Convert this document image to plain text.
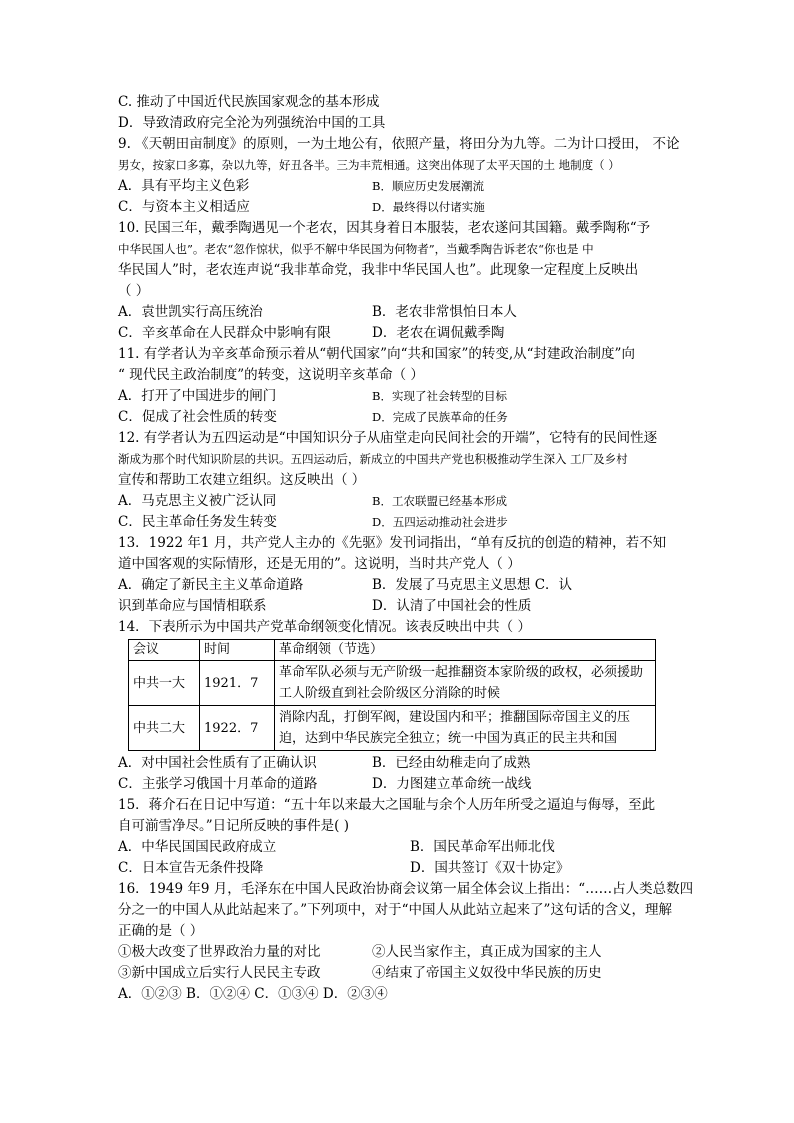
C. 推动了中国近代民族国家观念的基本形成
D．导致清政府完全沦为列强统治中国的工具
9. 《天朝田亩制度》的原则，一为土地公有，依照产量，将田分为九等。二为计口授田， 不论
男女，按家口多寡，杂以九等，好丑各半。三为丰荒相通。这突出体现了太平天国的土 地制度（ ）
A．具有平均主义色彩	B．顺应历史发展潮流
C．与资本主义相适应	D．最终得以付诸实施
10. 民国三年，戴季陶遇见一个老农，因其身着日本服装，老农遂问其国籍。戴季陶称“予
中华民国人也”。老农“忽作惊状，似乎不解中华民国为何物者”，当戴季陶告诉老农“你也是 中
华民国人”时，老农连声说“我非革命党，我非中华民国人也”。此现象一定程度上反映出
（ ）
A．袁世凯实行高压统治	B．老农非常惧怕日本人
C．辛亥革命在人民群众中影响有限	D．老农在调侃戴季陶
11. 有学者认为辛亥革命预示着从“朝代国家”向“共和国家”的转变,从“封建政治制度”向
“ 现代民主政治制度”的转变，这说明辛亥革命（ ）
A．打开了中国进步的闸门	B．实现了社会转型的目标
C．促成了社会性质的转变	D．完成了民族革命的任务
12. 有学者认为五四运动是“中国知识分子从庙堂走向民间社会的开端”，它特有的民间性逐
渐成为那个时代知识阶层的共识。五四运动后，新成立的中国共产党也积极推动学生深入 工厂及乡村
宣传和帮助工农建立组织。这反映出（ ）
A．马克思主义被广泛认同	B．工农联盟已经基本形成
C．民主革命任务发生转变	D．五四运动推动社会进步
13．1922 年1 月，共产党人主办的《先驱》发刊词指出，“单有反抗的创造的精神，若不知
道中国客观的实际情形，还是无用的”。这说明，当时共产党人（ ）
A．确定了新民主主义革命道路	B．发展了马克思主义思想 C．认
识到革命应与国情相联系	D．认清了中国社会的性质
14．下表所示为中国共产党革命纲领变化情况。该表反映出中共（ ）
会议	时间	革命纲领（节选）
中共一大	1921．7	革命军队必须与无产阶级一起推翻资本家阶级的政权，必须援助工人阶级直到社会阶级区分消除的时候
中共二大	1922．7	消除内乱，打倒军阀，建设国内和平；推翻国际帝国主义的压迫，达到中华民族完全独立；统一中国为真正的民主共和国
A．对中国社会性质有了正确认识	B．已经由幼稚走向了成熟
C．主张学习俄国十月革命的道路	D．力图建立革命统一战线
15．蒋介石在日记中写道：“五十年以来最大之国耻与余个人历年所受之逼迫与侮辱，至此
自可湔雪净尽。”日记所反映的事件是( )
A．中华民国国民政府成立	B．国民革命军出师北伐
C．日本宣告无条件投降	D．国共签订《双十协定》
16．1949 年9 月，毛泽东在中国人民政治协商会议第一届全体会议上指出：“……占人类总数四
分之一的中国人从此站起来了。”下列项中，对于“中国人从此站立起来了”这句话的含义，理解
正确的是（ ）
①极大改变了世界政治力量的对比	②人民当家作主，真正成为国家的主人
③新中国成立后实行人民民主专政	④结束了帝国主义奴役中华民族的历史
A．①②③ B．①②④ C．①③④ D．②③④
